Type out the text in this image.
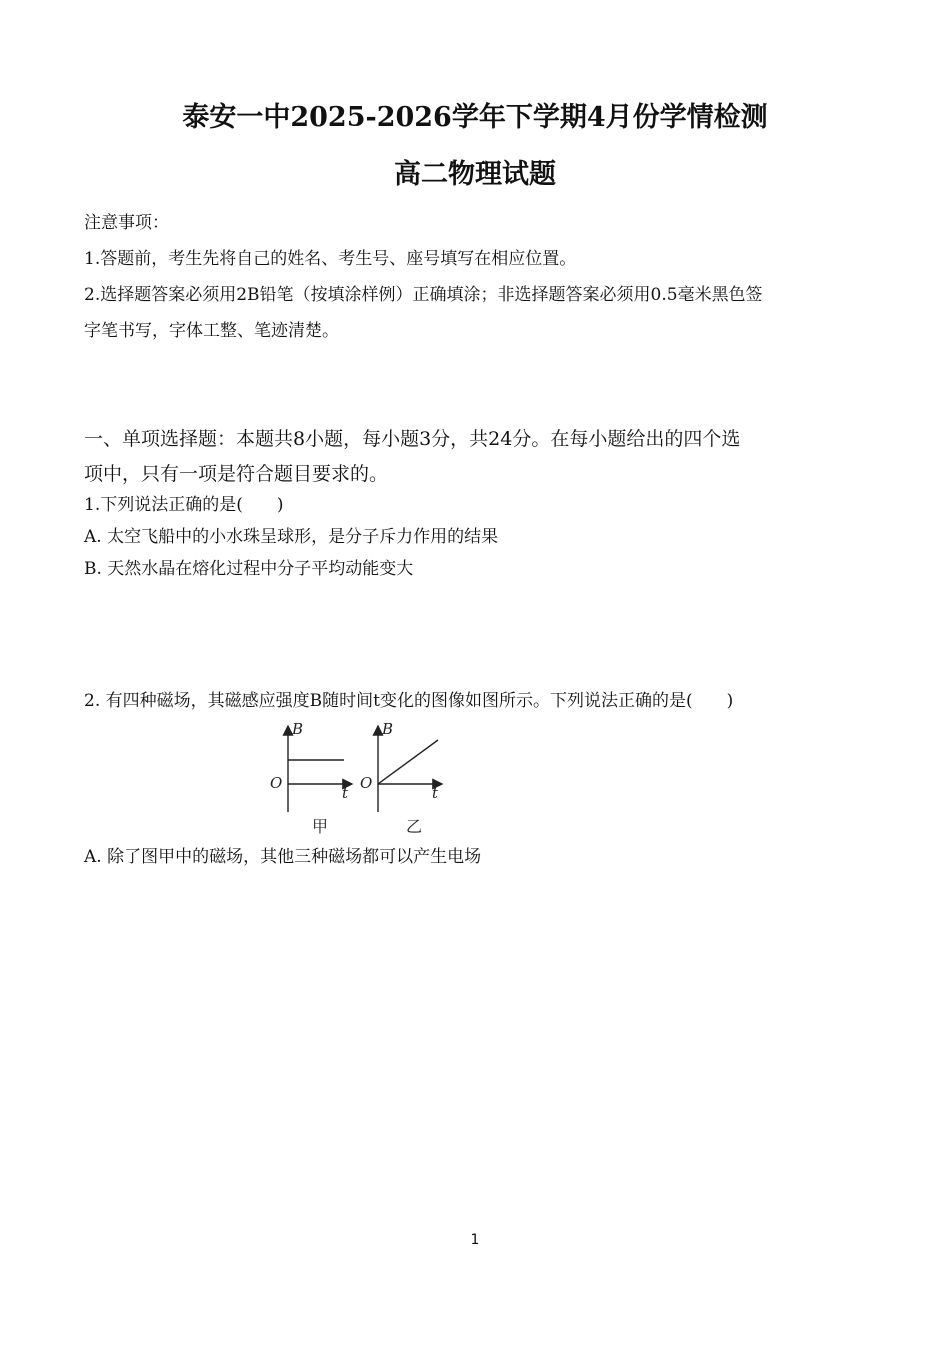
泰安一中2025-2026学年下学期4月份学情检测
高二物理试题
注意事项：
1.答题前，考生先将自己的姓名、考生号、座号填写在相应位置。
2.选择题答案必须用2B铅笔（按填涂样例）正确填涂；非选择题答案必须用0.5毫米黑色签
字笔书写，字体工整、笔迹清楚。
一、单项选择题：本题共8小题，每小题3分，共24分。在每小题给出的四个选
项中，只有一项是符合题目要求的。
1.下列说法正确的是(　　)
A. 太空飞船中的小水珠呈球形，是分子斥力作用的结果
B. 天然水晶在熔化过程中分子平均动能变大
2. 有四种磁场，其磁感应强度B随时间t变化的图像如图所示。下列说法正确的是(　　)
B
O
t
甲
B
O
t
乙
A. 除了图甲中的磁场，其他三种磁场都可以产生电场
1
